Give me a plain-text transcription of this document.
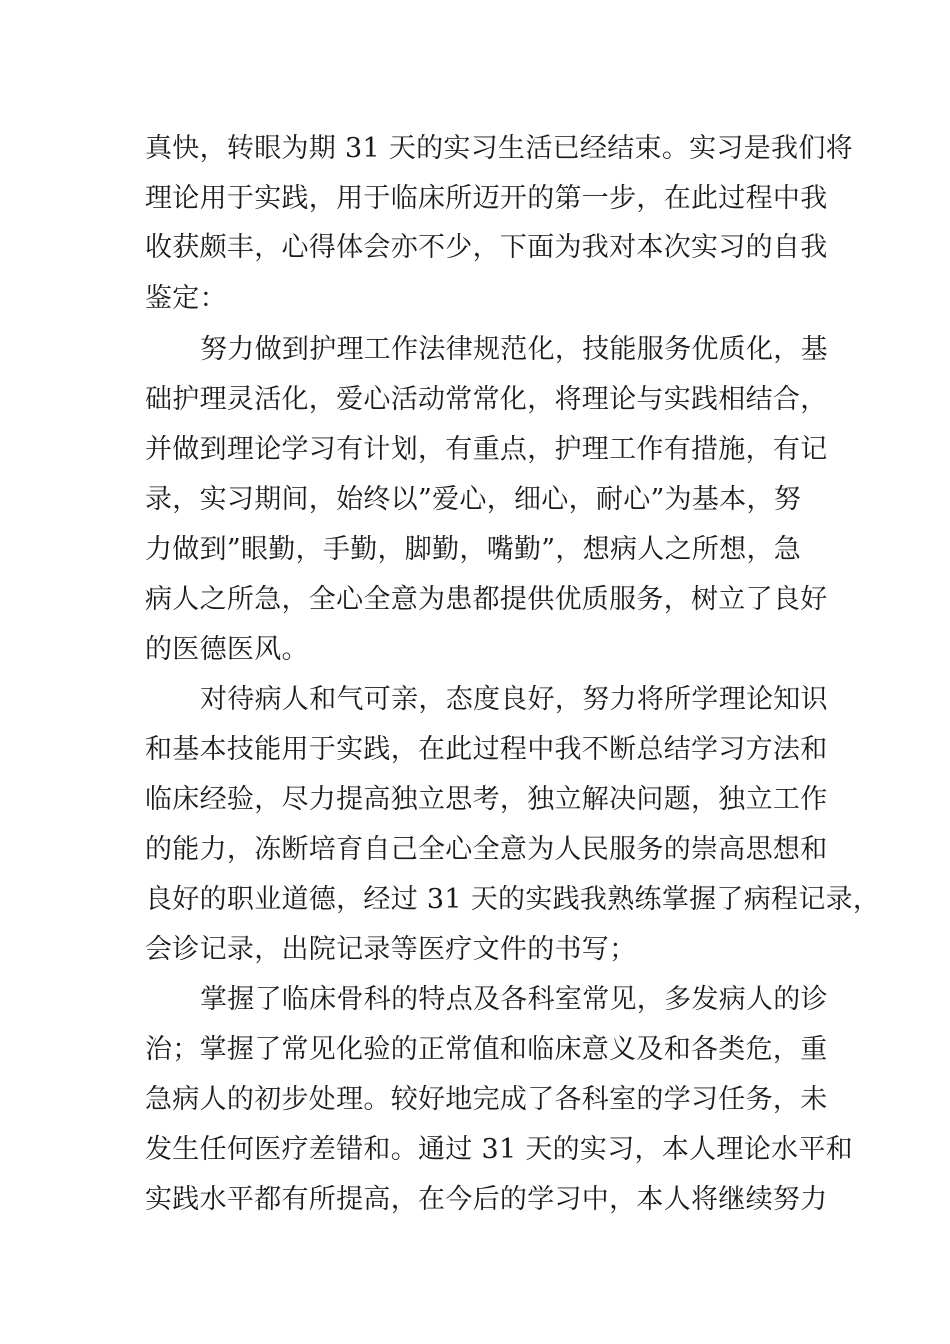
真快，转眼为期 31 天的实习生活已经结束。实习是我们将
理论用于实践，用于临床所迈开的第一步，在此过程中我
收获颇丰，心得体会亦不少，下面为我对本次实习的自我
鉴定：
努力做到护理工作法律规范化，技能服务优质化，基
础护理灵活化，爱心活动常常化，将理论与实践相结合，
并做到理论学习有计划，有重点，护理工作有措施，有记
录，实习期间，始终以”爱心，细心，耐心”为基本，努
力做到”眼勤，手勤，脚勤，嘴勤”，想病人之所想，急
病人之所急，全心全意为患都提供优质服务，树立了良好
的医德医风。
对待病人和气可亲，态度良好，努力将所学理论知识
和基本技能用于实践，在此过程中我不断总结学习方法和
临床经验，尽力提高独立思考，独立解决问题，独立工作
的能力，冻断培育自己全心全意为人民服务的崇高思想和
良好的职业道德，经过 31 天的实践我熟练掌握了病程记录，
会诊记录，出院记录等医疗文件的书写；
掌握了临床骨科的特点及各科室常见，多发病人的诊
治；掌握了常见化验的正常值和临床意义及和各类危，重
急病人的初步处理。较好地完成了各科室的学习任务，未
发生任何医疗差错和。通过 31 天的实习，本人理论水平和
实践水平都有所提高，在今后的学习中，本人将继续努力
